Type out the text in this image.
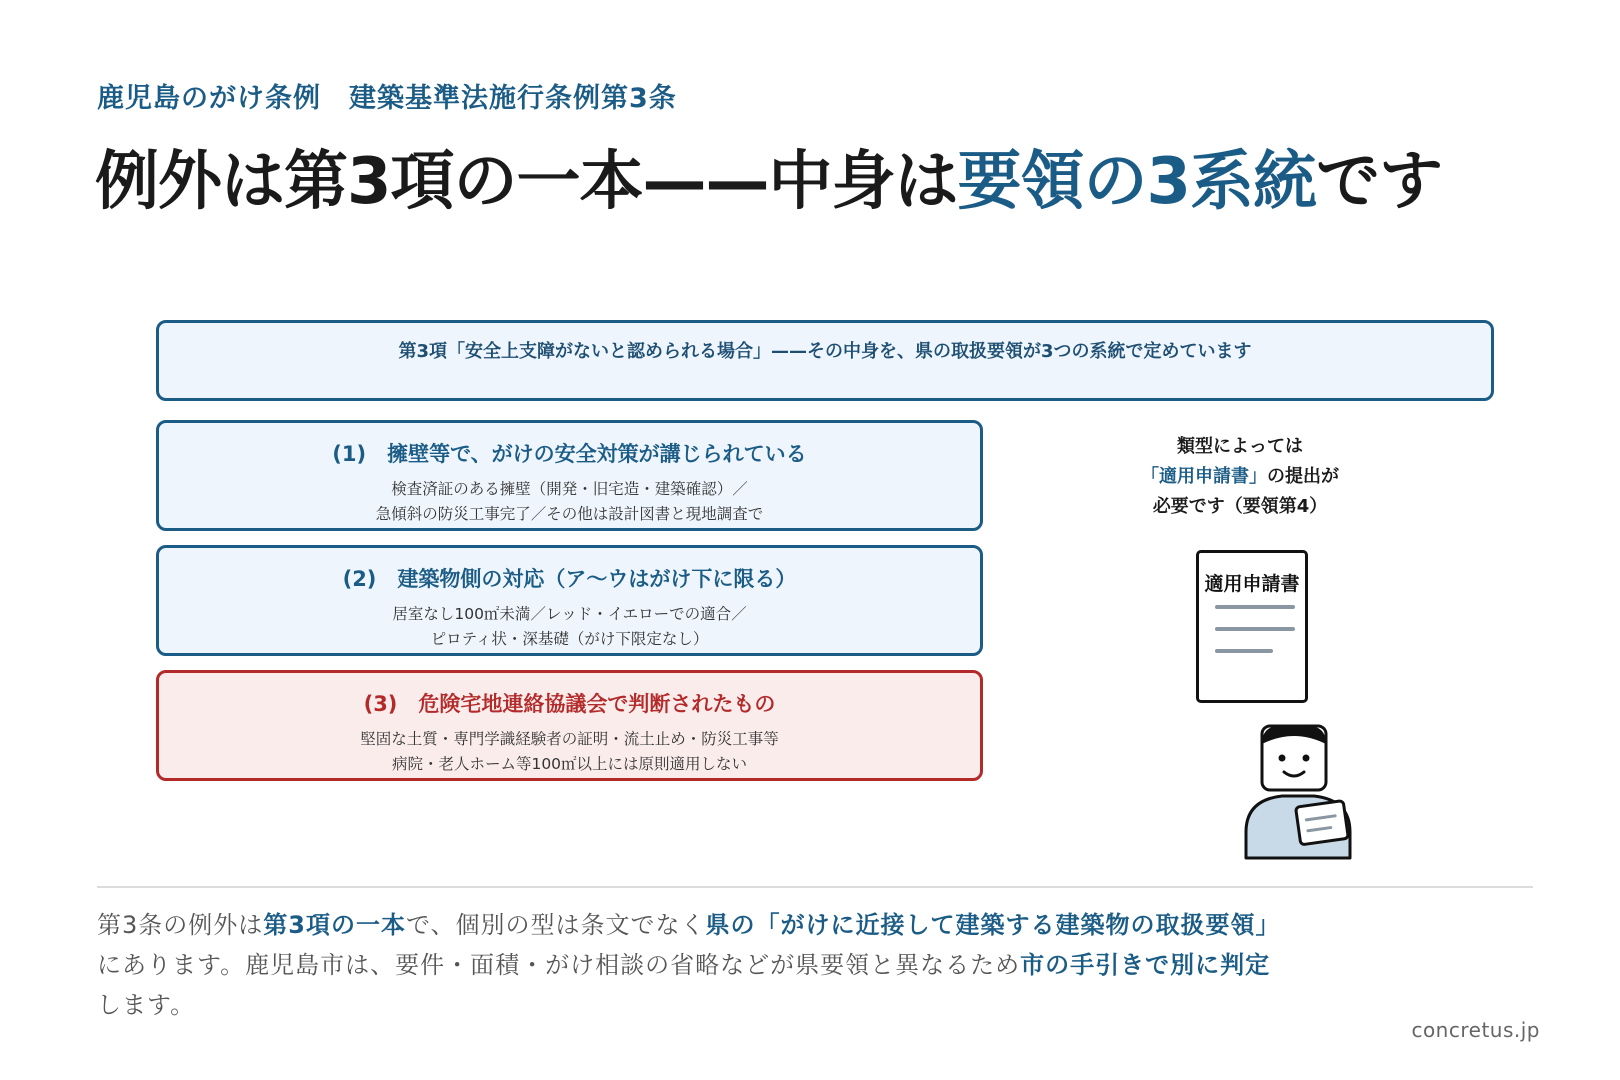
鹿児島のがけ条例　建築基準法施行条例第3条
例外は第3項の一本——中身は要領の3系統です
第3項「安全上支障がないと認められる場合」——その中身を、県の取扱要領が3つの系統で定めています
(1)　擁壁等で、がけの安全対策が講じられている
検査済証のある擁壁（開発・旧宅造・建築確認）／
急傾斜の防災工事完了／その他は設計図書と現地調査で
(2)　建築物側の対応（ア～ウはがけ下に限る）
居室なし100㎡未満／レッド・イエローでの適合／
ピロティ状・深基礎（がけ下限定なし）
(3)　危険宅地連絡協議会で判断されたもの
堅固な土質・専門学識経験者の証明・流土止め・防災工事等
病院・老人ホーム等100㎡以上には原則適用しない
類型によっては
「適用申請書」の提出が
必要です（要領第4）
適用申請書

第3条の例外は第3項の一本で、個別の型は条文でなく県の「がけに近接して建築する建築物の取扱要領」にあります。鹿児島市は、要件・面積・がけ相談の省略などが県要領と異なるため市の手引きで別に判定します。

concretus.jp
